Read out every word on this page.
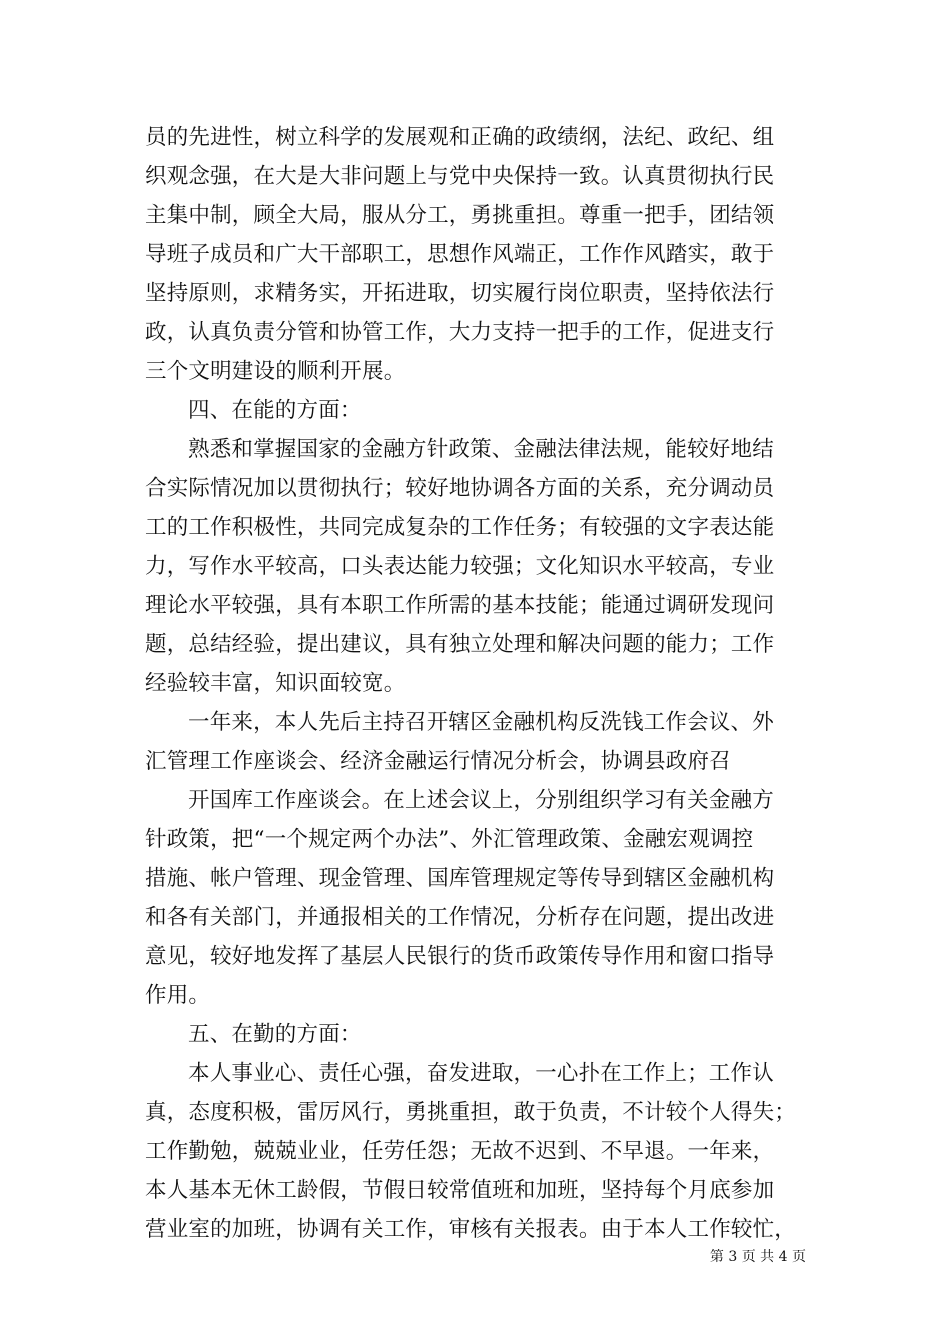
员的先进性，树立科学的发展观和正确的政绩纲，法纪、政纪、组
织观念强，在大是大非问题上与党中央保持一致。认真贯彻执行民
主集中制，顾全大局，服从分工，勇挑重担。尊重一把手，团结领
导班子成员和广大干部职工，思想作风端正，工作作风踏实，敢于
坚持原则，求精务实，开拓进取，切实履行岗位职责，坚持依法行
政，认真负责分管和协管工作，大力支持一把手的工作，促进支行
三个文明建设的顺利开展。
四、在能的方面：
熟悉和掌握国家的金融方针政策、金融法律法规，能较好地结
合实际情况加以贯彻执行；较好地协调各方面的关系，充分调动员
工的工作积极性，共同完成复杂的工作任务；有较强的文字表达能
力，写作水平较高，口头表达能力较强；文化知识水平较高，专业
理论水平较强，具有本职工作所需的基本技能；能通过调研发现问
题，总结经验，提出建议，具有独立处理和解决问题的能力；工作
经验较丰富，知识面较宽。
一年来，本人先后主持召开辖区金融机构反洗钱工作会议、外
汇管理工作座谈会、经济金融运行情况分析会，协调县政府召
开国库工作座谈会。在上述会议上，分别组织学习有关金融方
针政策，把“一个规定两个办法”、外汇管理政策、金融宏观调控
措施、帐户管理、现金管理、国库管理规定等传导到辖区金融机构
和各有关部门，并通报相关的工作情况，分析存在问题，提出改进
意见，较好地发挥了基层人民银行的货币政策传导作用和窗口指导
作用。
五、在勤的方面：
本人事业心、责任心强，奋发进取，一心扑在工作上；工作认
真，态度积极，雷厉风行，勇挑重担，敢于负责，不计较个人得失；
工作勤勉，兢兢业业，任劳任怨；无故不迟到、不早退。一年来，
本人基本无休工龄假，节假日较常值班和加班，坚持每个月底参加
营业室的加班，协调有关工作，审核有关报表。由于本人工作较忙，
第 3 页 共 4 页
